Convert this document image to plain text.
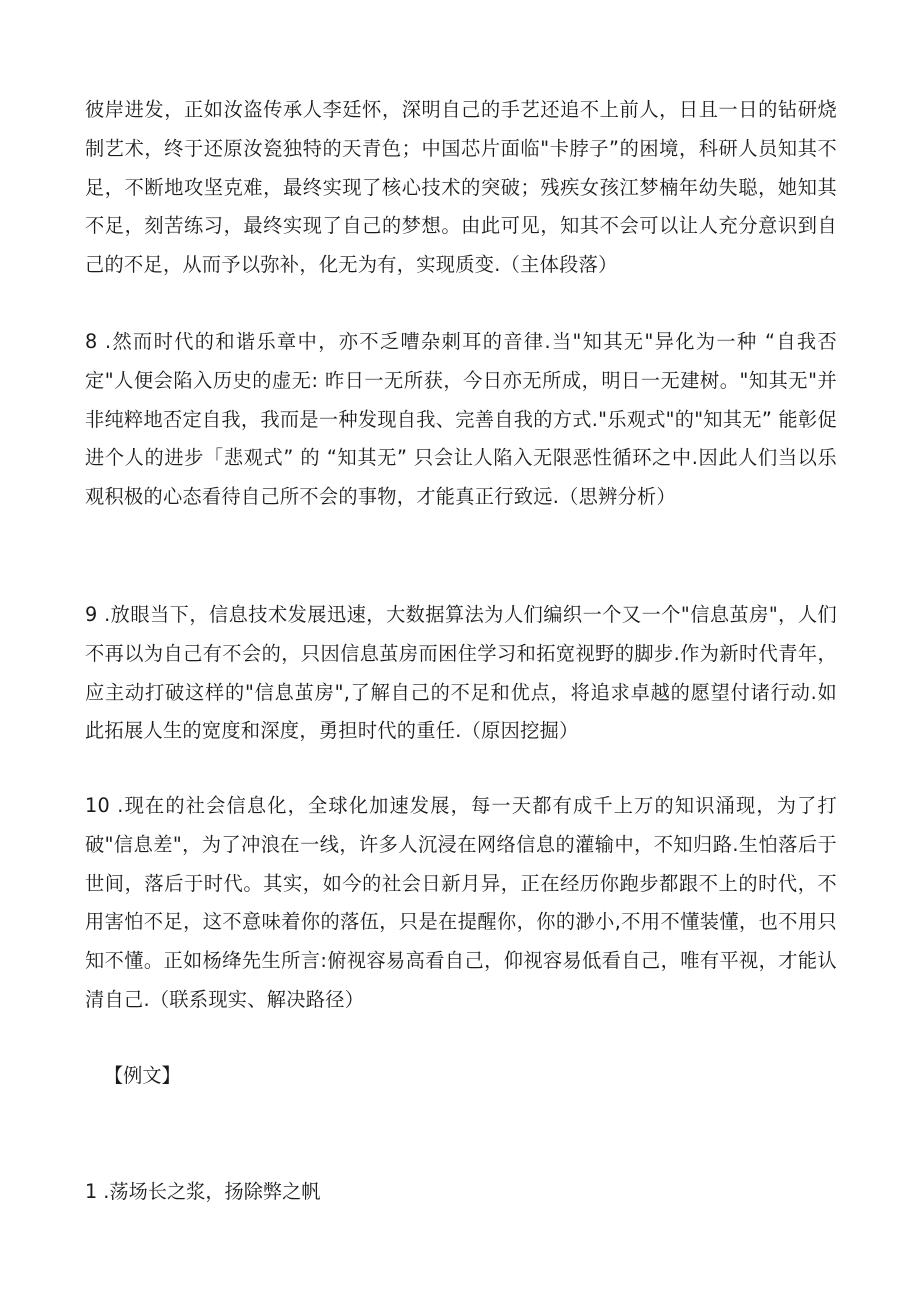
彼岸进发，正如汝盗传承人李廷怀，深明自己的手艺还追不上前人，日且一日的钻研烧制艺术，终于还原汝瓷独特的天青色；中国芯片面临"卡脖子”的困境，科研人员知其不足，不断地攻坚克难，最终实现了核心技术的突破；残疾女孩江梦楠年幼失聪，她知其不足，刻苦练习，最终实现了自己的梦想。由此可见，知其不会可以让人充分意识到自己的不足，从而予以弥补，化无为有，实现质变.（主体段落）

8 .然而时代的和谐乐章中，亦不乏嘈杂刺耳的音律.当"知其无"异化为一种 “自我否定"人便会陷入历史的虚无: 昨日一无所获，今日亦无所成，明日一无建树。"知其无"并非纯粹地否定自我，我而是一种发现自我、完善自我的方式."乐观式"的"知其无” 能彰促进个人的进步「悲观式” 的 “知其无” 只会让人陷入无限恶性循环之中.因此人们当以乐观积极的心态看待自己所不会的事物，才能真正行致远.（思辨分析）

9 .放眼当下，信息技术发展迅速，大数据算法为人们编织一个又一个"信息茧房"，人们不再以为自己有不会的，只因信息茧房而困住学习和拓宽视野的脚步.作为新时代青年，应主动打破这样的"信息茧房",了解自己的不足和优点，将追求卓越的愿望付诸行动.如此拓展人生的宽度和深度，勇担时代的重任.（原因挖掘）

10 .现在的社会信息化，全球化加速发展，每一天都有成千上万的知识涌现，为了打破"信息差"，为了冲浪在一线，许多人沉浸在网络信息的灌输中，不知归路.生怕落后于世间，落后于时代。其实，如今的社会日新月异，正在经历你跑步都跟不上的时代，不用害怕不足，这不意味着你的落伍，只是在提醒你，你的渺小,不用不懂装懂，也不用只知不懂。正如杨绛先生所言:俯视容易高看自己，仰视容易低看自己，唯有平视，才能认清自己.（联系现实、解决路径）

【例文】

1 .荡场长之浆，扬除弊之帆
